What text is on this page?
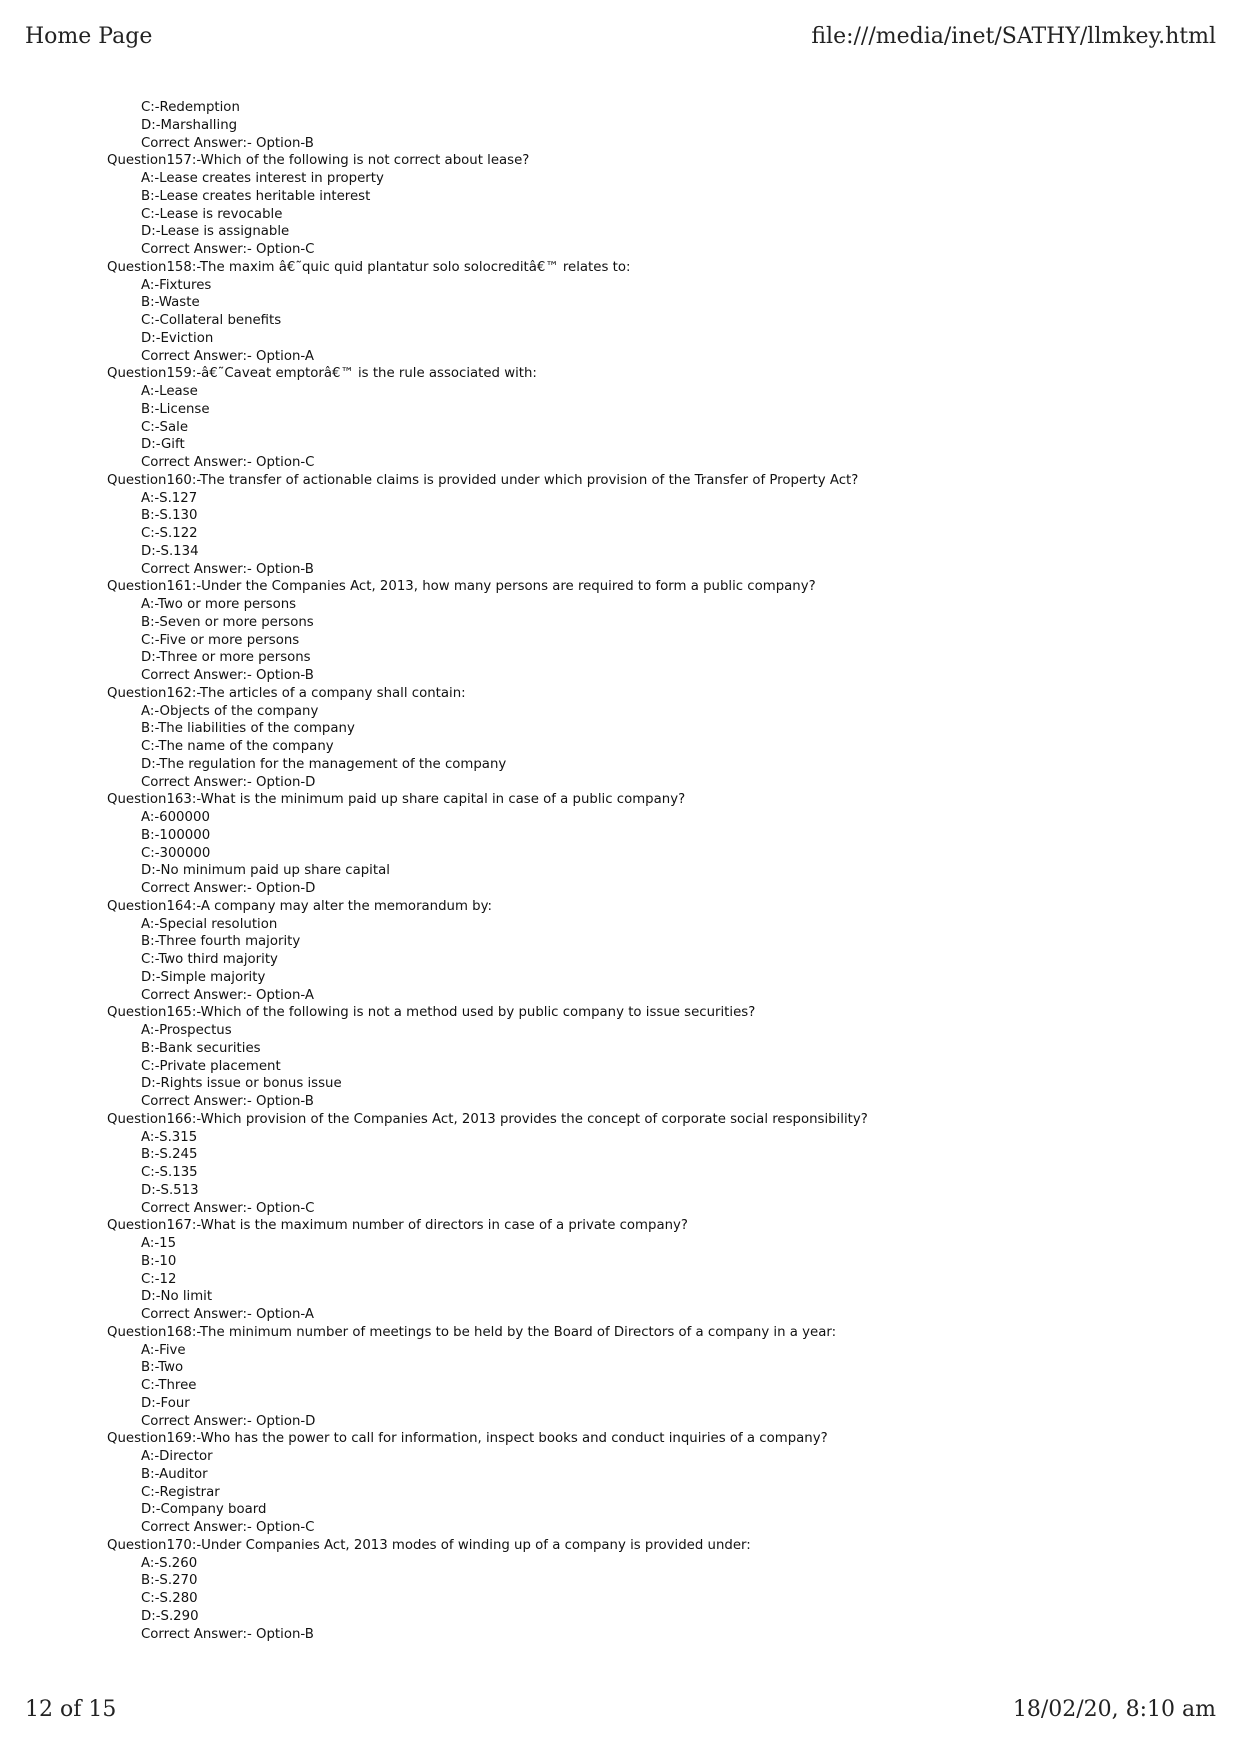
Home Page	file:///media/inet/SATHY/llmkey.html
C:-Redemption
D:-Marshalling
Correct Answer:- Option-B
Question157:-Which of the following is not correct about lease?
A:-Lease creates interest in property
B:-Lease creates heritable interest
C:-Lease is revocable
D:-Lease is assignable
Correct Answer:- Option-C
Question158:-The maxim â€˜quic quid plantatur solo solocreditâ€™ relates to:
A:-Fixtures
B:-Waste
C:-Collateral benefits
D:-Eviction
Correct Answer:- Option-A
Question159:-â€˜Caveat emptorâ€™ is the rule associated with:
A:-Lease
B:-License
C:-Sale
D:-Gift
Correct Answer:- Option-C
Question160:-The transfer of actionable claims is provided under which provision of the Transfer of Property Act?
A:-S.127
B:-S.130
C:-S.122
D:-S.134
Correct Answer:- Option-B
Question161:-Under the Companies Act, 2013, how many persons are required to form a public company?
A:-Two or more persons
B:-Seven or more persons
C:-Five or more persons
D:-Three or more persons
Correct Answer:- Option-B
Question162:-The articles of a company shall contain:
A:-Objects of the company
B:-The liabilities of the company
C:-The name of the company
D:-The regulation for the management of the company
Correct Answer:- Option-D
Question163:-What is the minimum paid up share capital in case of a public company?
A:-600000
B:-100000
C:-300000
D:-No minimum paid up share capital
Correct Answer:- Option-D
Question164:-A company may alter the memorandum by:
A:-Special resolution
B:-Three fourth majority
C:-Two third majority
D:-Simple majority
Correct Answer:- Option-A
Question165:-Which of the following is not a method used by public company to issue securities?
A:-Prospectus
B:-Bank securities
C:-Private placement
D:-Rights issue or bonus issue
Correct Answer:- Option-B
Question166:-Which provision of the Companies Act, 2013 provides the concept of corporate social responsibility?
A:-S.315
B:-S.245
C:-S.135
D:-S.513
Correct Answer:- Option-C
Question167:-What is the maximum number of directors in case of a private company?
A:-15
B:-10
C:-12
D:-No limit
Correct Answer:- Option-A
Question168:-The minimum number of meetings to be held by the Board of Directors of a company in a year:
A:-Five
B:-Two
C:-Three
D:-Four
Correct Answer:- Option-D
Question169:-Who has the power to call for information, inspect books and conduct inquiries of a company?
A:-Director
B:-Auditor
C:-Registrar
D:-Company board
Correct Answer:- Option-C
Question170:-Under Companies Act, 2013 modes of winding up of a company is provided under:
A:-S.260
B:-S.270
C:-S.280
D:-S.290
Correct Answer:- Option-B
12 of 15	18/02/20, 8:10 am
